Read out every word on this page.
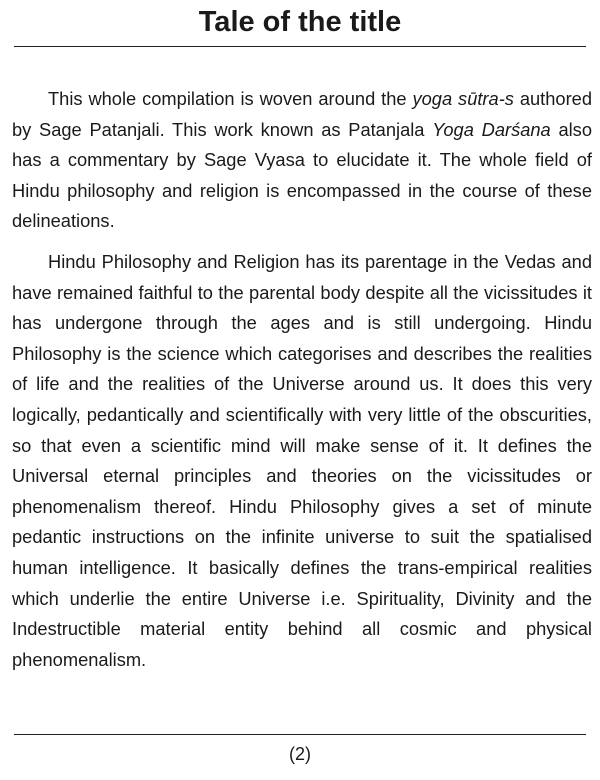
Tale of the title

This whole compilation is woven around the yoga sūtra-s authored by Sage Patanjali. This work known as Patanjala Yoga Darśana also has a commentary by Sage Vyasa to elucidate it. The whole field of Hindu philosophy and religion is encompassed in the course of these delineations.

Hindu Philosophy and Religion has its parentage in the Vedas and have remained faithful to the parental body despite all the vicissitudes it has undergone through the ages and is still undergoing. Hindu Philosophy is the science which categorises and describes the realities of life and the realities of the Universe around us. It does this very logically, pedantically and scientifically with very little of the obscurities, so that even a scientific mind will make sense of it. It defines the Universal eternal principles and theories on the vicissitudes or phenomenalism thereof. Hindu Philosophy gives a set of minute pedantic instructions on the infinite universe to suit the spatialised human intelligence. It basically defines the trans-empirical realities which underlie the entire Universe i.e. Spirituality, Divinity and the Indestructible material entity behind all cosmic and physical phenomenalism.

(2)
